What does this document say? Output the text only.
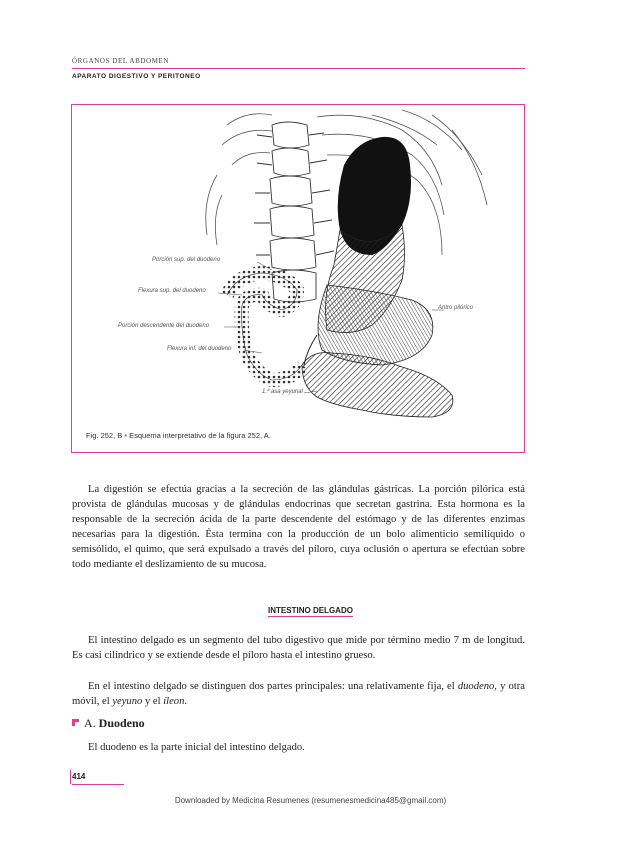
ÓRGANOS DEL ABDOMEN
APARATO DIGESTIVO Y PERITONEO
Porción sup. del duodeno
Flexura sup. del duodeno
Porción descendente del duodeno
Flexura inf. del duodeno
1.ª asa yeyunal
Antro pilórico
Fig. 252, B • Esquema interpretativo de la figura 252, A.
La digestión se efectúa gracias a la secreción de las glándulas gástricas. La porción pilórica está provista de glándulas mucosas y de glándulas endocrinas que secretan gastrina. Esta hormona es la responsable de la secreción ácida de la parte descendente del estómago y de las diferentes enzimas necesarias para la digestión. Ésta termina con la producción de un bolo alimenticio semilíquido o semisólido, el quimo, que será expulsado a través del píloro, cuya oclusión o apertura se efectúan sobre todo mediante el deslizamiento de su mucosa.
INTESTINO DELGADO
El intestino delgado es un segmento del tubo digestivo que mide por término medio 7 m de longitud. Es casi cilíndrico y se extiende desde el píloro hasta el intestino grueso.
En el intestino delgado se distinguen dos partes principales: una relativamente fija, el duodeno, y otra móvil, el yeyuno y el íleon.
A. Duodeno
El duodeno es la parte inicial del intestino delgado.
414
Downloaded by Medicina Resumenes (resumenesmedicina485@gmail.com)
